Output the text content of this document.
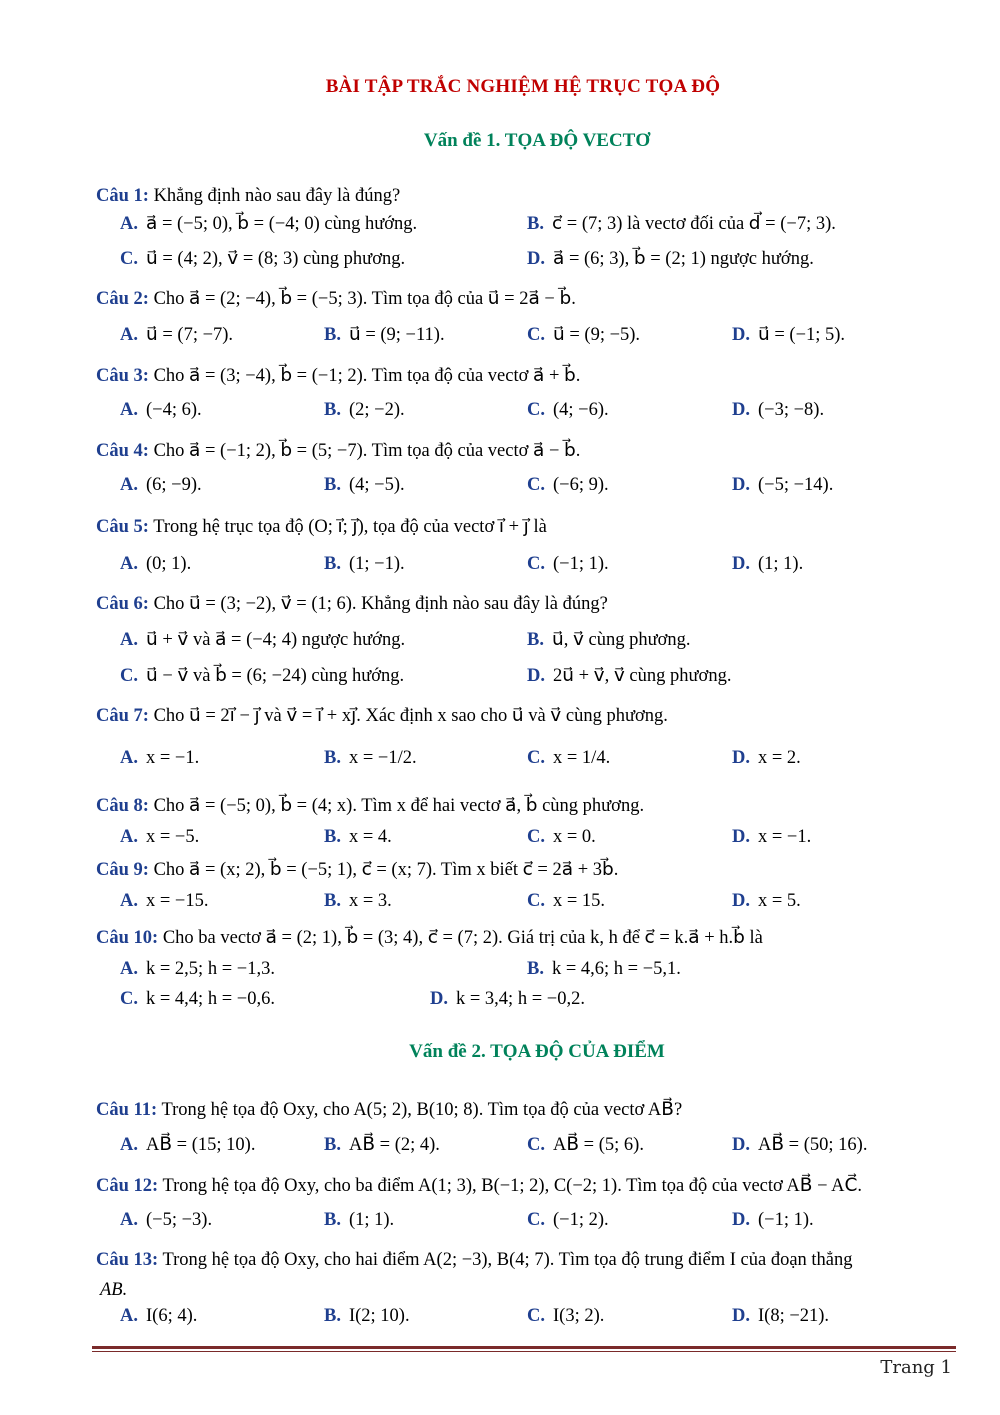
BÀI TẬP TRẮC NGHIỆM HỆ TRỤC TỌA ĐỘ
Vấn đề 1. TỌA ĐỘ VECTƠ
Câu 1: Khẳng định nào sau đây là đúng?
A. a⃗ = (−5; 0), b⃗ = (−4; 0) cùng hướng.	B. c⃗ = (7; 3) là vectơ đối của d⃗ = (−7; 3).
C. u⃗ = (4; 2), v⃗ = (8; 3) cùng phương.	D. a⃗ = (6; 3), b⃗ = (2; 1) ngược hướng.
Câu 2: Cho a⃗ = (2; −4), b⃗ = (−5; 3). Tìm tọa độ của u⃗ = 2a⃗ − b⃗.
A. u⃗ = (7; −7).	B. u⃗ = (9; −11).	C. u⃗ = (9; −5).	D. u⃗ = (−1; 5).
Câu 3: Cho a⃗ = (3; −4), b⃗ = (−1; 2). Tìm tọa độ của vectơ a⃗ + b⃗.
A. (−4; 6).	B. (2; −2).	C. (4; −6).	D. (−3; −8).
Câu 4: Cho a⃗ = (−1; 2), b⃗ = (5; −7). Tìm tọa độ của vectơ a⃗ − b⃗.
A. (6; −9).	B. (4; −5).	C. (−6; 9).	D. (−5; −14).
Câu 5: Trong hệ trục tọa độ (O; i⃗; j⃗), tọa độ của vectơ i⃗ + j⃗ là
A. (0; 1).	B. (1; −1).	C. (−1; 1).	D. (1; 1).
Câu 6: Cho u⃗ = (3; −2), v⃗ = (1; 6). Khẳng định nào sau đây là đúng?
A. u⃗ + v⃗ và a⃗ = (−4; 4) ngược hướng.	B. u⃗, v⃗ cùng phương.
C. u⃗ − v⃗ và b⃗ = (6; −24) cùng hướng.	D. 2u⃗ + v⃗, v⃗ cùng phương.
Câu 7: Cho u⃗ = 2i⃗ − j⃗ và v⃗ = i⃗ + xj⃗. Xác định x sao cho u⃗ và v⃗ cùng phương.
A. x = −1.	B. x = −1/2.	C. x = 1/4.	D. x = 2.
Câu 8: Cho a⃗ = (−5; 0), b⃗ = (4; x). Tìm x để hai vectơ a⃗, b⃗ cùng phương.
A. x = −5.	B. x = 4.	C. x = 0.	D. x = −1.
Câu 9: Cho a⃗ = (x; 2), b⃗ = (−5; 1), c⃗ = (x; 7). Tìm x biết c⃗ = 2a⃗ + 3b⃗.
A. x = −15.	B. x = 3.	C. x = 15.	D. x = 5.
Câu 10: Cho ba vectơ a⃗ = (2; 1), b⃗ = (3; 4), c⃗ = (7; 2). Giá trị của k, h để c⃗ = k.a⃗ + h.b⃗ là
A. k = 2,5; h = −1,3.	B. k = 4,6; h = −5,1.
C. k = 4,4; h = −0,6.	D. k = 3,4; h = −0,2.
Vấn đề 2. TỌA ĐỘ CỦA ĐIỂM
Câu 11: Trong hệ tọa độ Oxy, cho A(5; 2), B(10; 8). Tìm tọa độ của vectơ AB⃗?
A. AB⃗ = (15; 10).	B. AB⃗ = (2; 4).	C. AB⃗ = (5; 6).	D. AB⃗ = (50; 16).
Câu 12: Trong hệ tọa độ Oxy, cho ba điểm A(1; 3), B(−1; 2), C(−2; 1). Tìm tọa độ của vectơ AB⃗ − AC⃗.
A. (−5; −3).	B. (1; 1).	C. (−1; 2).	D. (−1; 1).
Câu 13: Trong hệ tọa độ Oxy, cho hai điểm A(2; −3), B(4; 7). Tìm tọa độ trung điểm I của đoạn thẳng
AB.
A. I(6; 4).	B. I(2; 10).	C. I(3; 2).	D. I(8; −21).
Trang 1
